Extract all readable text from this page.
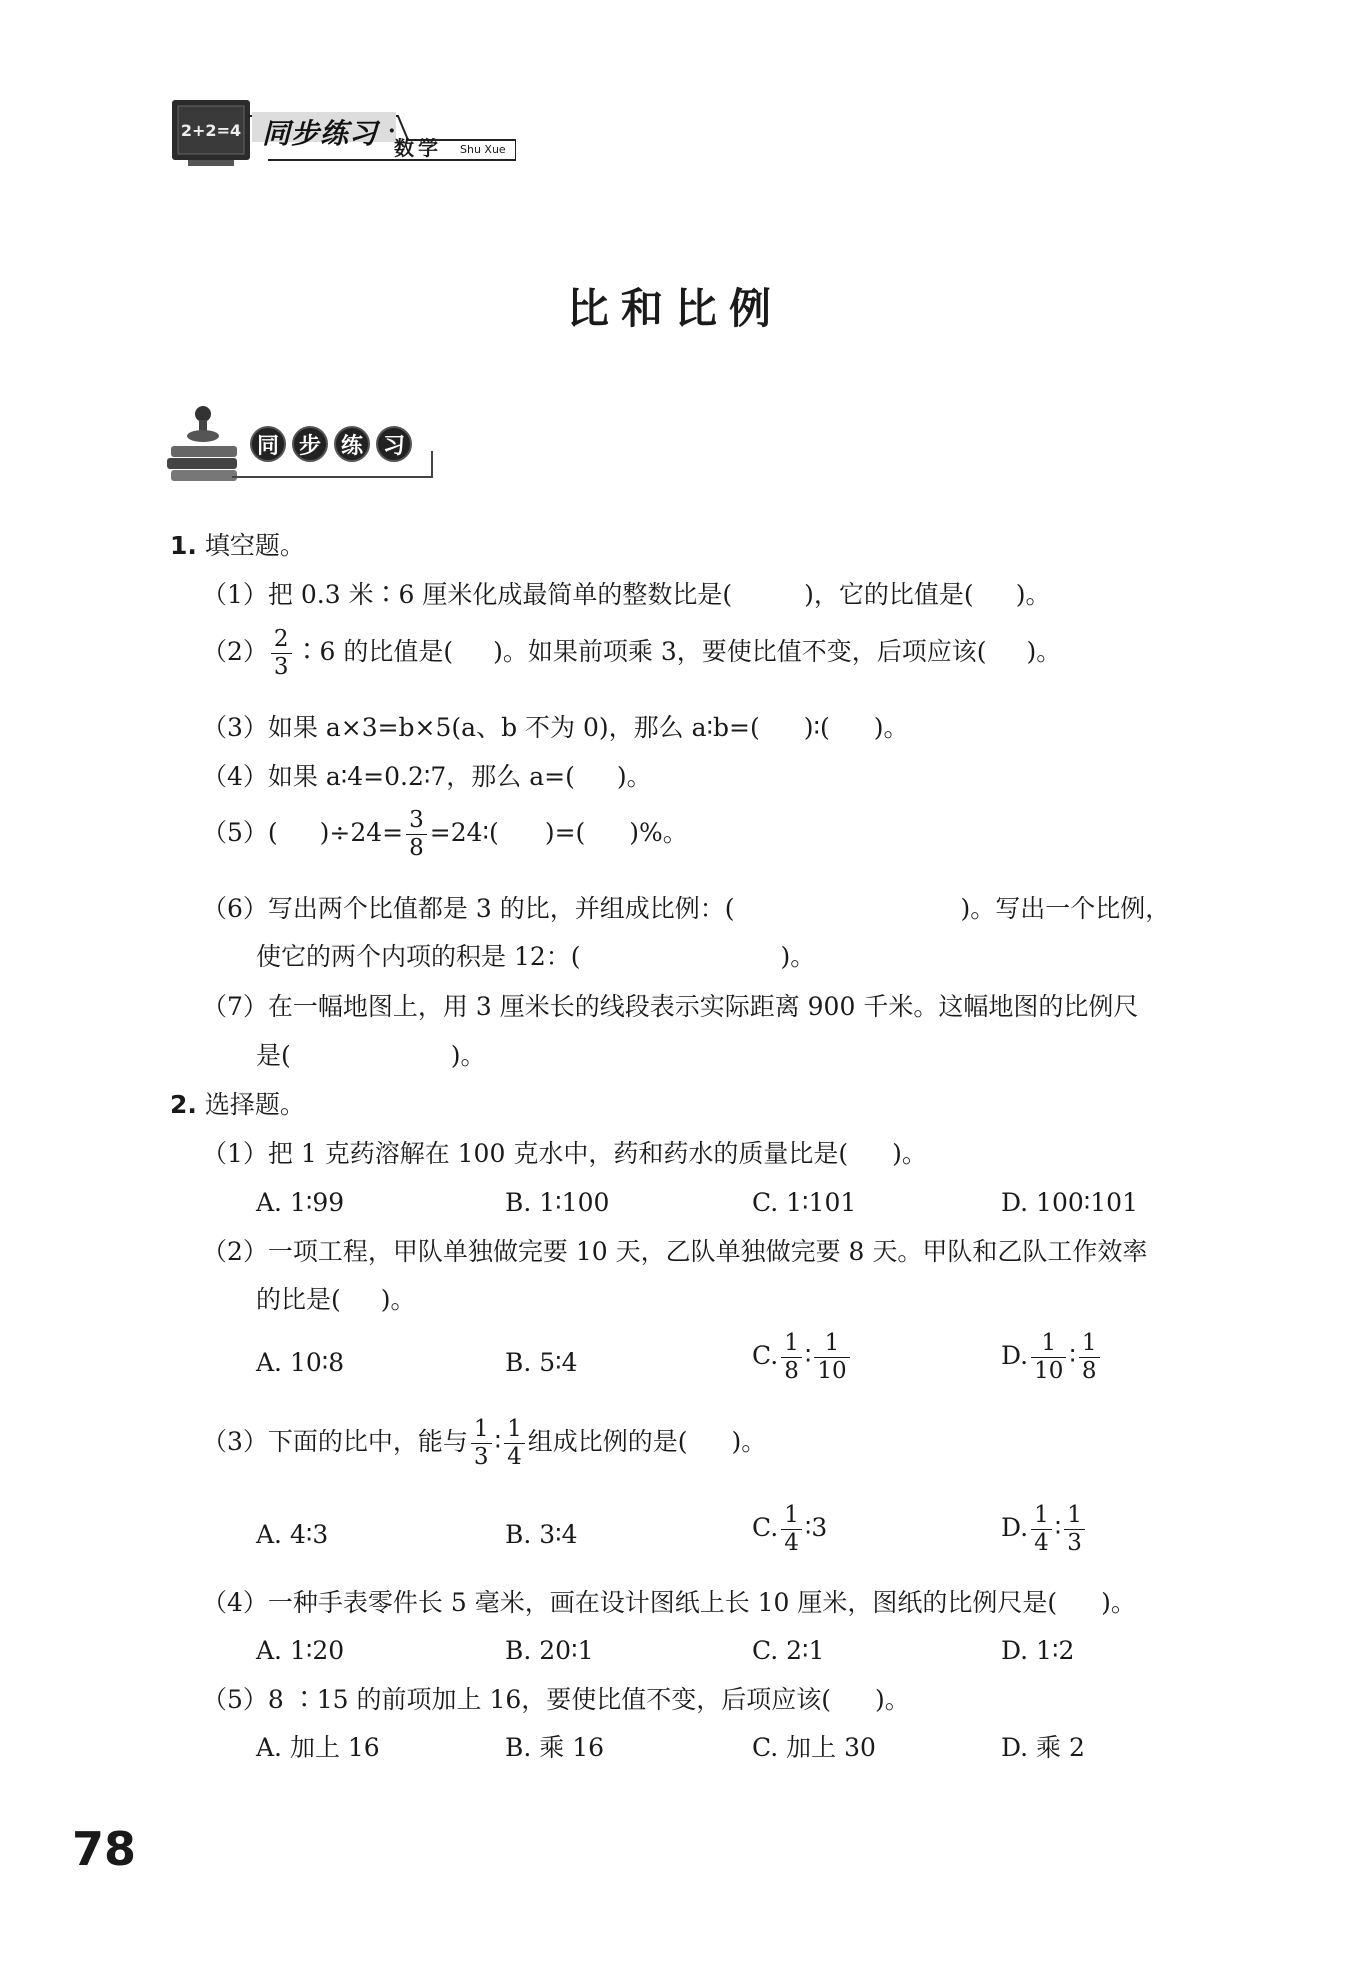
2+2=4 同步练习 ·
数学 Shu Xue
比和比例
同 步 练 习
1. 填空题。
（1）把 0.3 米∶6 厘米化成最简单的整数比是(	)，它的比值是( )。
$(2) \frac{2}{3}$ ∶6 的比值是( )。如果前项乘 3，要使比值不变，后项应该( )。
（3）如果 a×3=b×5(a、b 不为 0)，那么 a∶b=( )∶( )。
（4）如果 a∶4=0.2∶7，那么 a=( )。
（5）( )$\div 24= \frac{3}{8}$ =24∶( )=( )%。
（6）写出两个比值都是 3 的比，并组成比例：(	)。写出一个比例，
使它的两个内项的积是 12：(	)。
（7）在一幅地图上，用 3 厘米长的线段表示实际距离 900 千米。这幅地图的比例尺
是(	)。
2. 选择题。
（1）把 1 克药溶解在 100 克水中，药和药水的质量比是( )。
A. 1∶99	B. 1∶100	C. 1∶101	D. 100∶101
（2）一项工程，甲队单独做完要 10 天，乙队单独做完要 8 天。甲队和乙队工作效率
的比是( )。
A. 10∶8	B. 5∶4	C. $\frac{1}{8}$ ∶ $\frac{1}{10}$	D. $\frac{1}{10}$ ∶ $\frac{1}{8}$
（3）下面的比中，能与 $\frac{1}{3}$ ∶ $\frac{1}{4}$ 组成比例的是( )。
A. 4∶3	B. 3∶4	C. $\frac{1}{4}$ ∶3	D. $\frac{1}{4}$ ∶ $\frac{1}{3}$
（4）一种手表零件长 5 毫米，画在设计图纸上长 10 厘米，图纸的比例尺是( )。
A. 1∶20	B. 20∶1	C. 2∶1	D. 1∶2
（5）8 ∶15 的前项加上 16，要使比值不变，后项应该( )。
A. 加上 16	B. 乘 16	C. 加上 30	D. 乘 2
78
